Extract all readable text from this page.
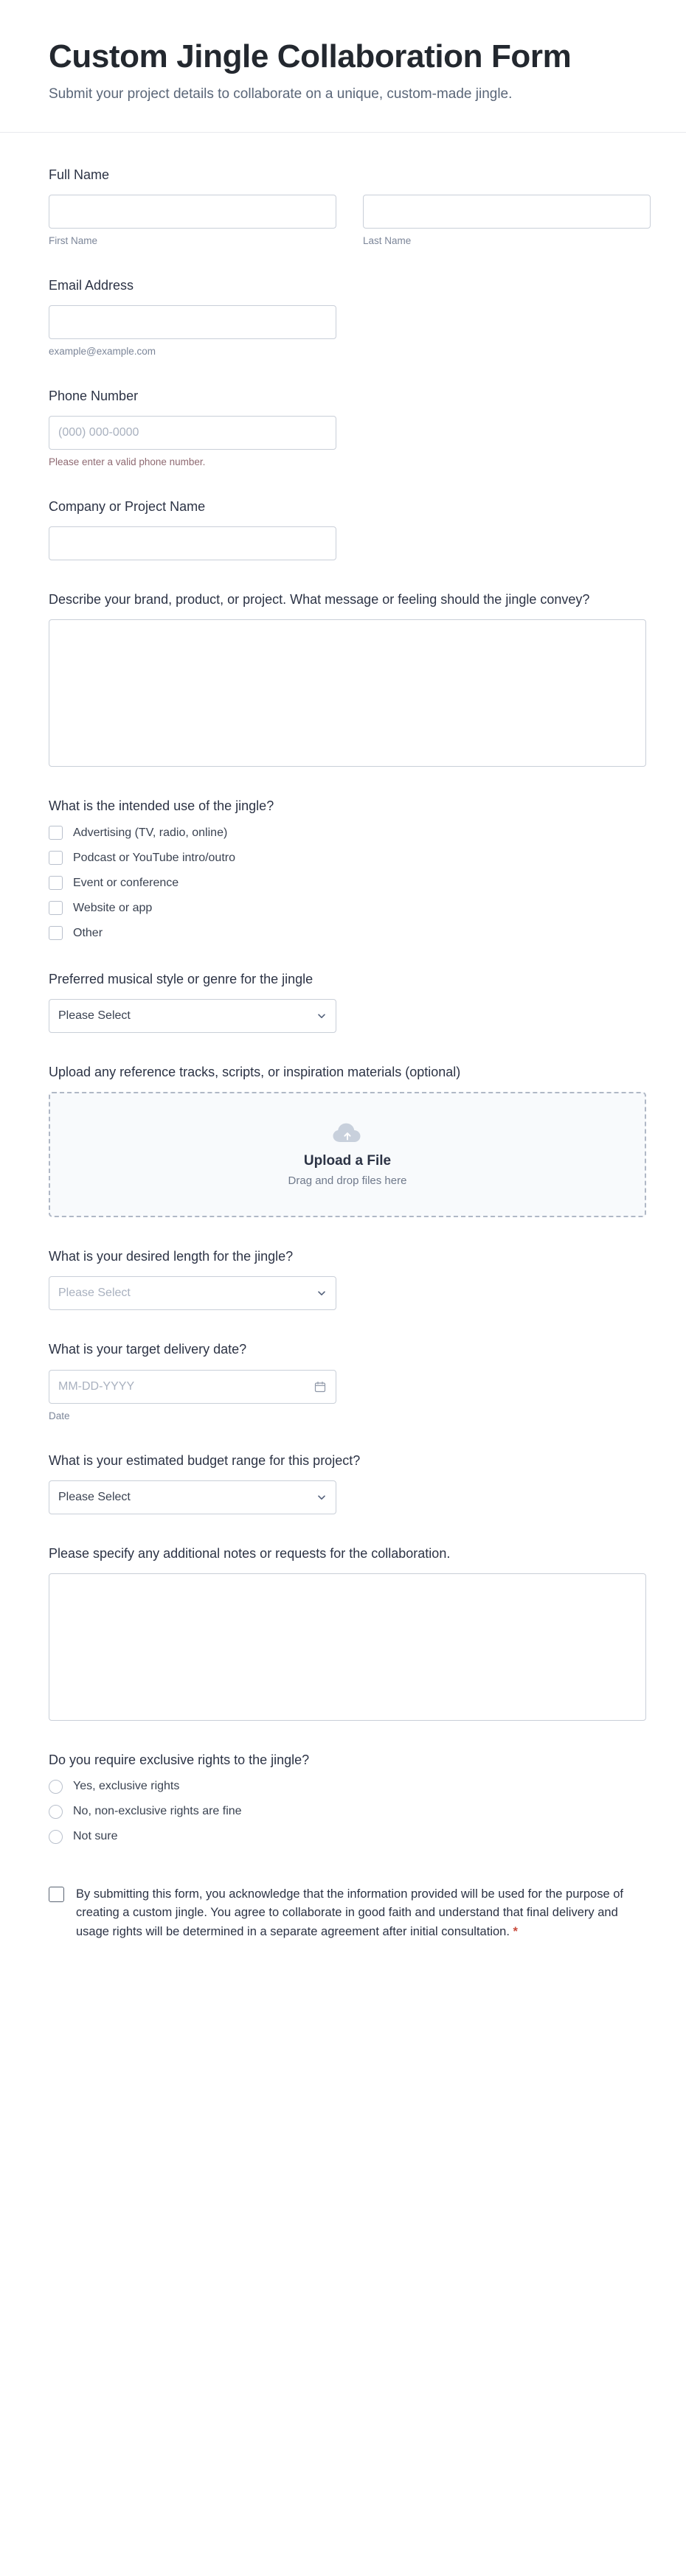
Custom Jingle Collaboration Form

Submit your project details to collaborate on a unique, custom-made jingle.

Full Name
First Name	Last Name
Email Address
example@example.com
Phone Number
(000) 000-0000
Please enter a valid phone number.
Company or Project Name
Describe your brand, product, or project. What message or feeling should the jingle convey?
What is the intended use of the jingle?
Advertising (TV, radio, online)
Podcast or YouTube intro/outro
Event or conference
Website or app
Other
Preferred musical style or genre for the jingle
Please Select
Upload any reference tracks, scripts, or inspiration materials (optional)
Upload a File
Drag and drop files here
What is your desired length for the jingle?
Please Select
What is your target delivery date?
MM-DD-YYYY
Date
What is your estimated budget range for this project?
Please Select
Please specify any additional notes or requests for the collaboration.
Do you require exclusive rights to the jingle?
Yes, exclusive rights
No, non-exclusive rights are fine
Not sure
By submitting this form, you acknowledge that the information provided will be used for the purpose of creating a custom jingle. You agree to collaborate in good faith and understand that final delivery and usage rights will be determined in a separate agreement after initial consultation. *
